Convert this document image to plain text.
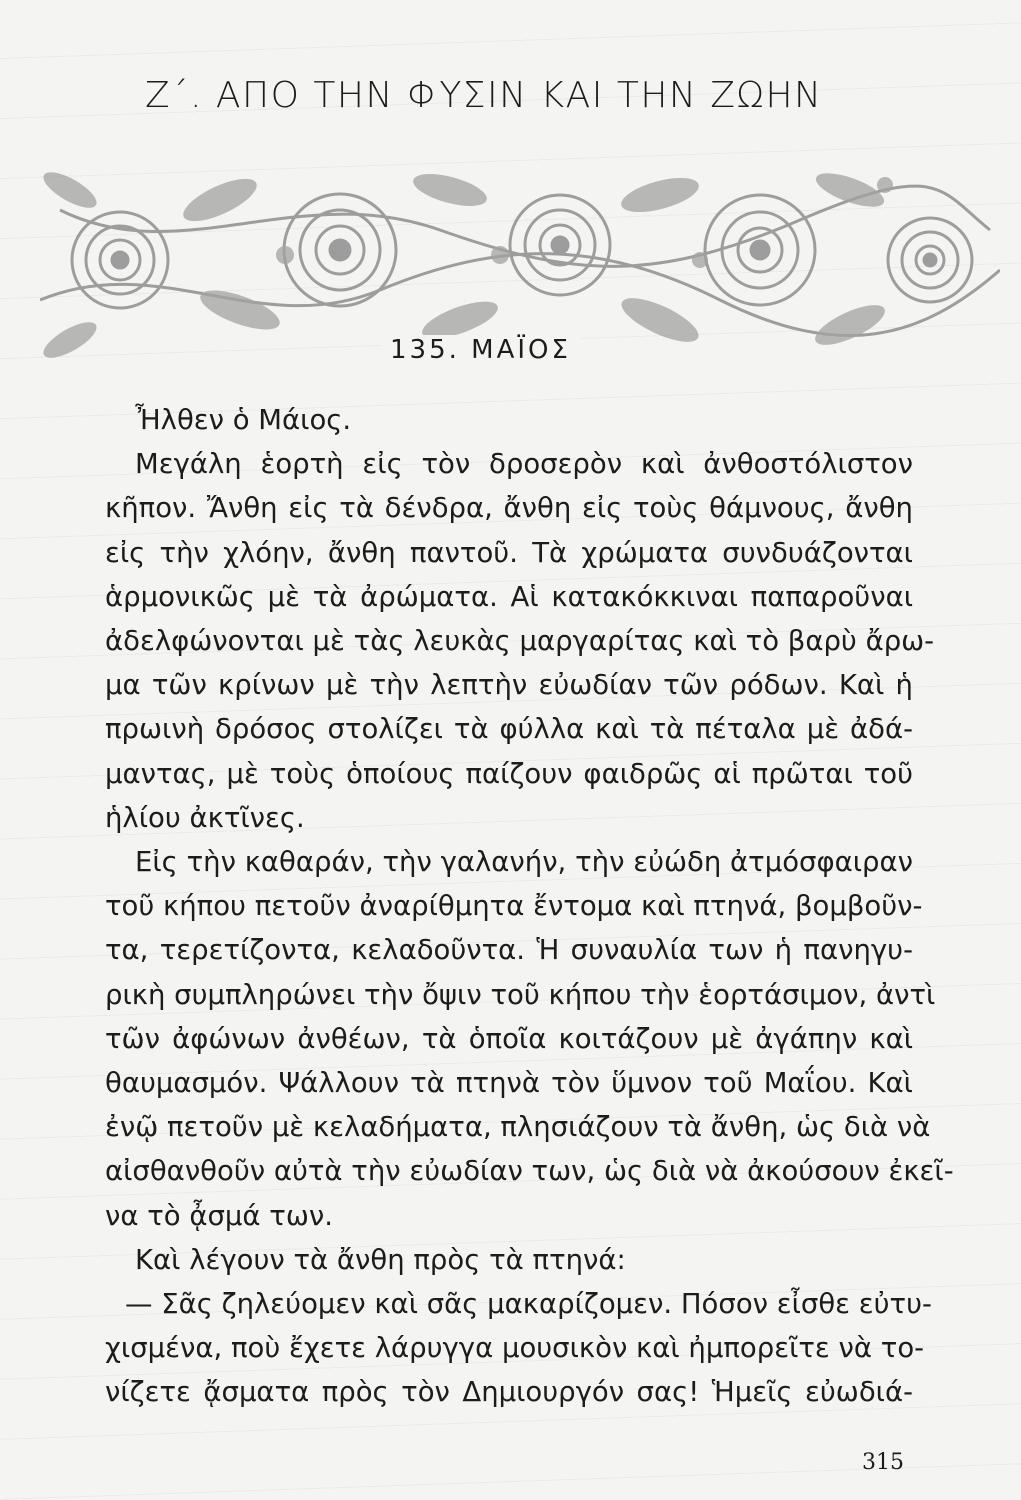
Ζ΄. ΑΠΟ ΤΗΝ ΦΥΣΙΝ ΚΑΙ ΤΗΝ ΖΩΗΝ
135. ΜΑΪΟΣ
Ἦλθεν ὁ Μάιος.
Μεγάλη ἑορτὴ εἰς τὸν δροσερὸν καὶ ἀνθοστόλιστον
κῆπον. Ἄνθη εἰς τὰ δένδρα, ἄνθη εἰς τοὺς θάμνους, ἄνθη
εἰς τὴν χλόην, ἄνθη παντοῦ. Τὰ χρώματα συνδυάζονται
ἁρμονικῶς μὲ τὰ ἀρώματα. Αἱ κατακόκκιναι παπαροῦναι
ἀδελφώνονται μὲ τὰς λευκὰς μαργαρίτας καὶ τὸ βαρὺ ἄρω-
μα τῶν κρίνων μὲ τὴν λεπτὴν εὐωδίαν τῶν ρόδων. Καὶ ἡ
πρωινὴ δρόσος στολίζει τὰ φύλλα καὶ τὰ πέταλα μὲ ἀδά-
μαντας, μὲ τοὺς ὁποίους παίζουν φαιδρῶς αἱ πρῶται τοῦ
ἡλίου ἀκτῖνες.
Εἰς τὴν καθαράν, τὴν γαλανήν, τὴν εὐώδη ἀτμόσφαιραν
τοῦ κήπου πετοῦν ἀναρίθμητα ἔντομα καὶ πτηνά, βομβοῦν-
τα, τερετίζοντα, κελαδοῦντα. Ἡ συναυλία των ἡ πανηγυ-
ρικὴ συμπληρώνει τὴν ὄψιν τοῦ κήπου τὴν ἑορτάσιμον, ἀντὶ
τῶν ἀφώνων ἀνθέων, τὰ ὁποῖα κοιτάζουν μὲ ἀγάπην καὶ
θαυμασμόν. Ψάλλουν τὰ πτηνὰ τὸν ὕμνον τοῦ Μαΐου. Καὶ
ἐνῷ πετοῦν μὲ κελαδήματα, πλησιάζουν τὰ ἄνθη, ὡς διὰ νὰ
αἰσθανθοῦν αὐτὰ τὴν εὐωδίαν των, ὡς διὰ νὰ ἀκούσουν ἐκεῖ-
να τὸ ᾆσμά των.
Καὶ λέγουν τὰ ἄνθη πρὸς τὰ πτηνά:
— Σᾶς ζηλεύομεν καὶ σᾶς μακαρίζομεν. Πόσον εἶσθε εὐτυ-
χισμένα, ποὺ ἔχετε λάρυγγα μουσικὸν καὶ ἠμπορεῖτε νὰ το-
νίζετε ᾄσματα πρὸς τὸν Δημιουργόν σας! Ἡμεῖς εὐωδιά-
315
